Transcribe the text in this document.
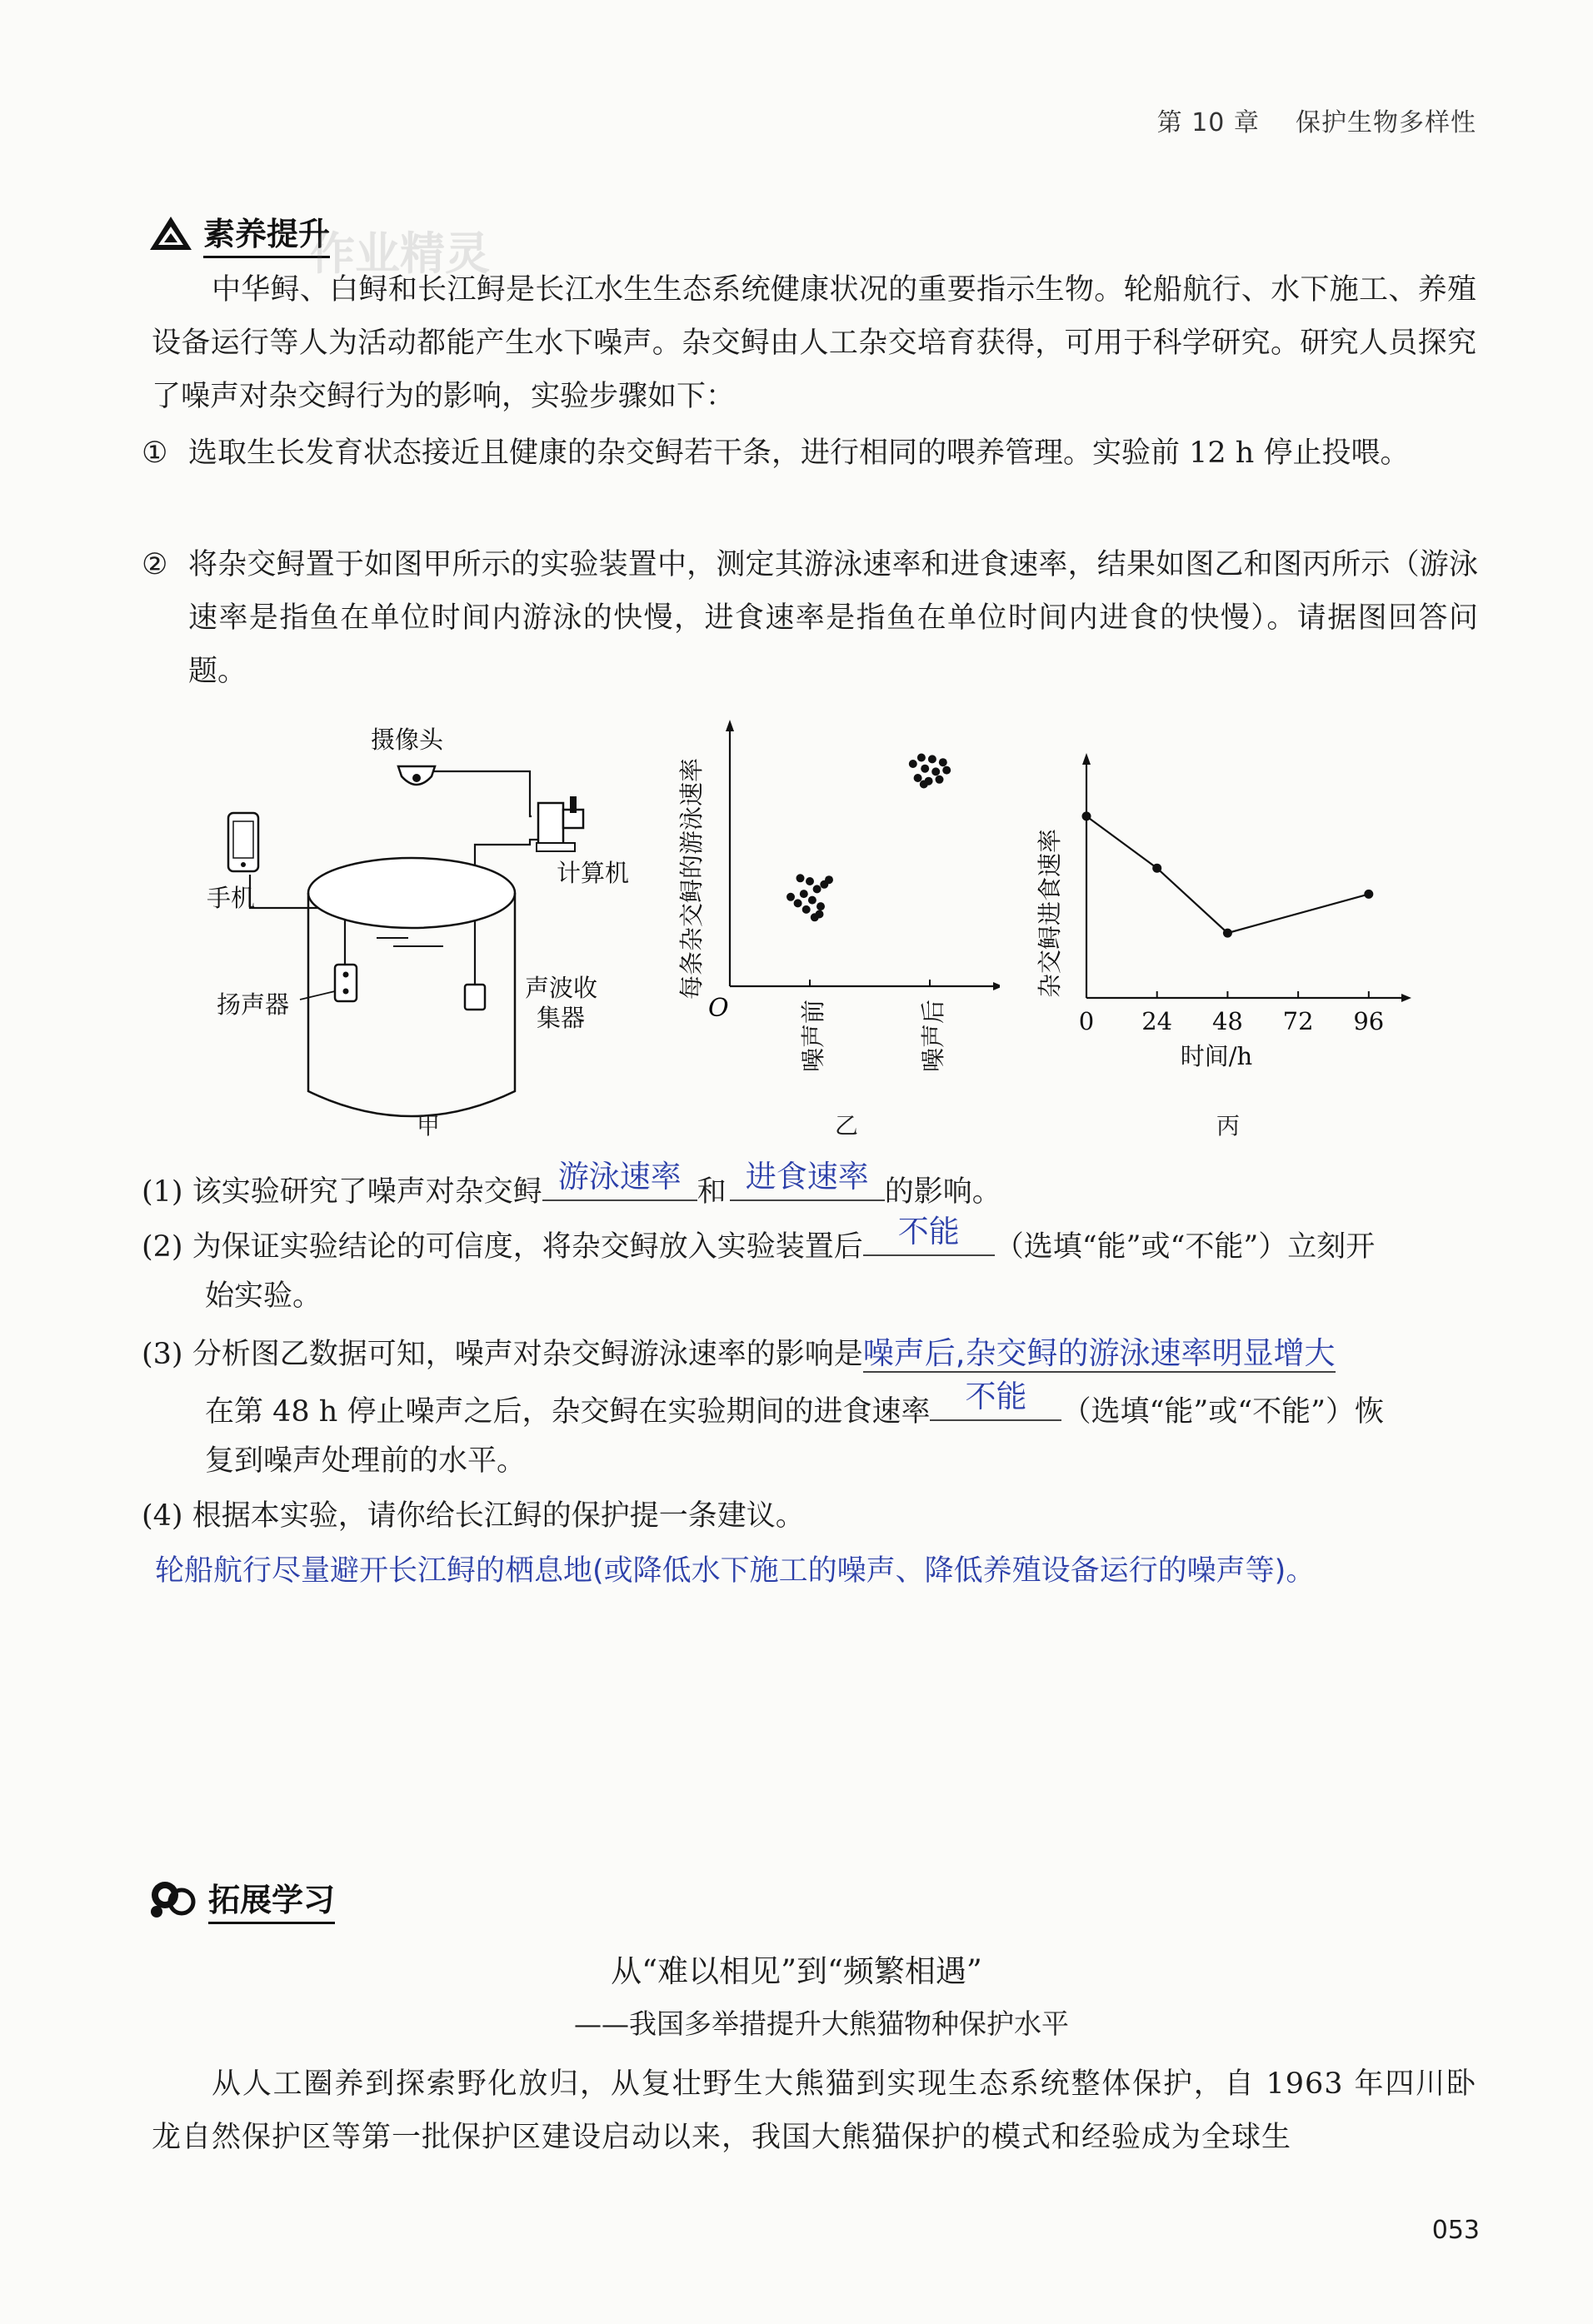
第 10 章 保护生物多样性
素养提升
作业精灵
中华鲟、白鲟和长江鲟是长江水生生态系统健康状况的重要指示生物。轮船航行、水下施工、养殖设备运行等人为活动都能产生水下噪声。杂交鲟由人工杂交培育获得，可用于科学研究。研究人员探究了噪声对杂交鲟行为的影响，实验步骤如下：
① 选取生长发育状态接近且健康的杂交鲟若干条，进行相同的喂养管理。实验前 12 h 停止投喂。
② 将杂交鲟置于如图甲所示的实验装置中，测定其游泳速率和进食速率，结果如图乙和图丙所示（游泳速率是指鱼在单位时间内游泳的快慢，进食速率是指鱼在单位时间内进食的快慢）。请据图回答问题。
摄像头
手机
计算机
扬声器
声波收
集器
甲
O
每条杂交鲟的游泳速率
噪声前	噪声后
乙
杂交鲟进食速率
时间/h
0 24 48 72 96
丙
(1) 该实验研究了噪声对杂交鲟 游泳速率 和 进食速率 的影响。
(2) 为保证实验结论的可信度，将杂交鲟放入实验装置后	不能	（选填“能”或“不能”）立刻开
始实验。
(3) 分析图乙数据可知，噪声对杂交鲟游泳速率的影响是噪声后,杂交鲟的游泳速率明显增大
在第 48 h 停止噪声之后，杂交鲟在实验期间的进食速率	不能	（选填“能”或“不能”）恢
复到噪声处理前的水平。
(4) 根据本实验，请你给长江鲟的保护提一条建议。
轮船航行尽量避开长江鲟的栖息地(或降低水下施工的噪声、降低养殖设备运行的噪声等)。
拓展学习
从“难以相见”到“频繁相遇”
——我国多举措提升大熊猫物种保护水平
从人工圈养到探索野化放归，从复壮野生大熊猫到实现生态系统整体保护，自 1963 年四川卧龙自然保护区等第一批保护区建设启动以来，我国大熊猫保护的模式和经验成为全球生
053
